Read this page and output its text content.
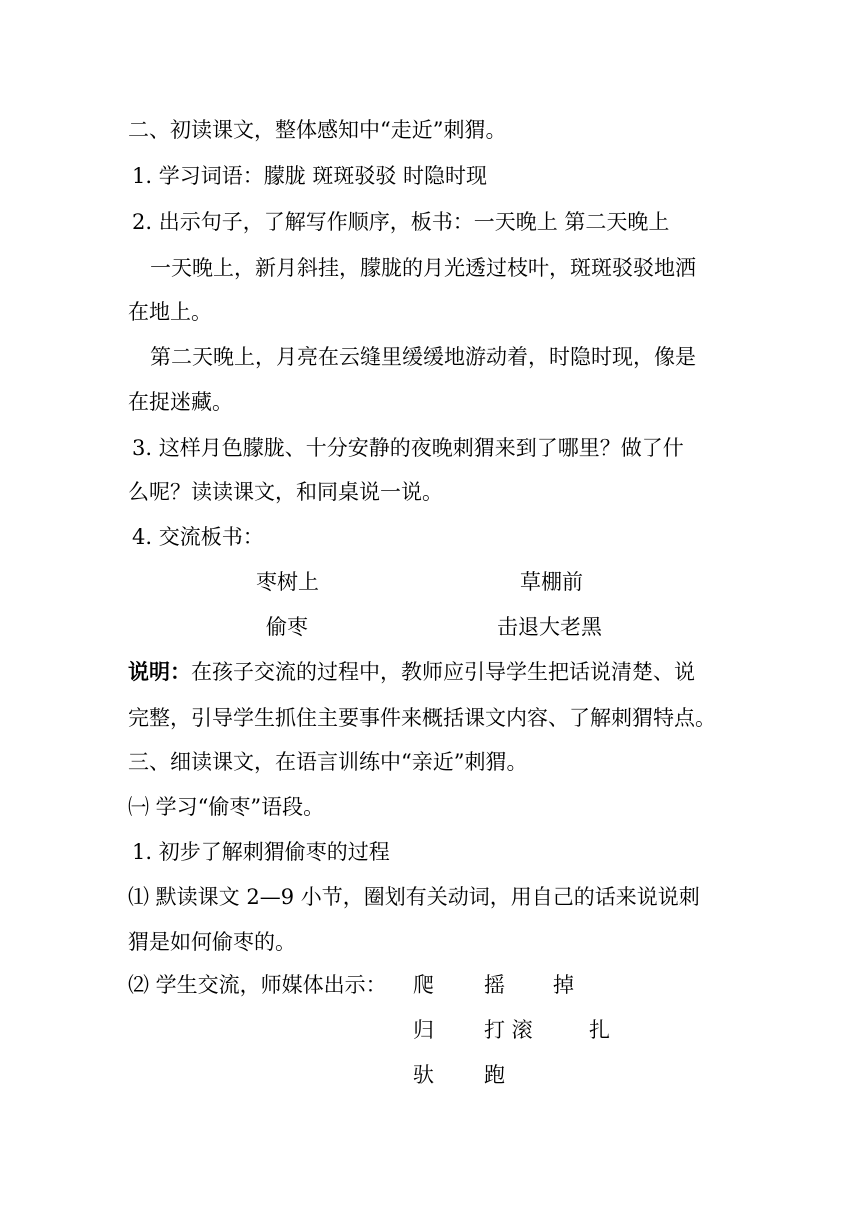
二、初读课文，整体感知中“走近”刺猬。
1. 学习词语：朦胧 斑斑驳驳 时隐时现
2. 出示句子，了解写作顺序，板书：一天晚上 第二天晚上
一天晚上，新月斜挂，朦胧的月光透过枝叶，斑斑驳驳地洒
在地上。
第二天晚上，月亮在云缝里缓缓地游动着，时隐时现，像是
在捉迷藏。
3. 这样月色朦胧、十分安静的夜晚刺猬来到了哪里？做了什
么呢？读读课文，和同桌说一说。
4. 交流板书：
枣树上	草棚前
偷枣	击退大老黑
说明：在孩子交流的过程中，教师应引导学生把话说清楚、说
完整，引导学生抓住主要事件来概括课文内容、了解刺猬特点。
三、细读课文，在语言训练中“亲近”刺猬。
㈠ 学习“偷枣”语段。
1. 初步了解刺猬偷枣的过程
⑴ 默读课文 2—9 小节，圈划有关动词，用自己的话来说说刺
猬是如何偷枣的。
⑵ 学生交流，师媒体出示： 爬 摇 掉
归 打 滚	扎
驮 跑
